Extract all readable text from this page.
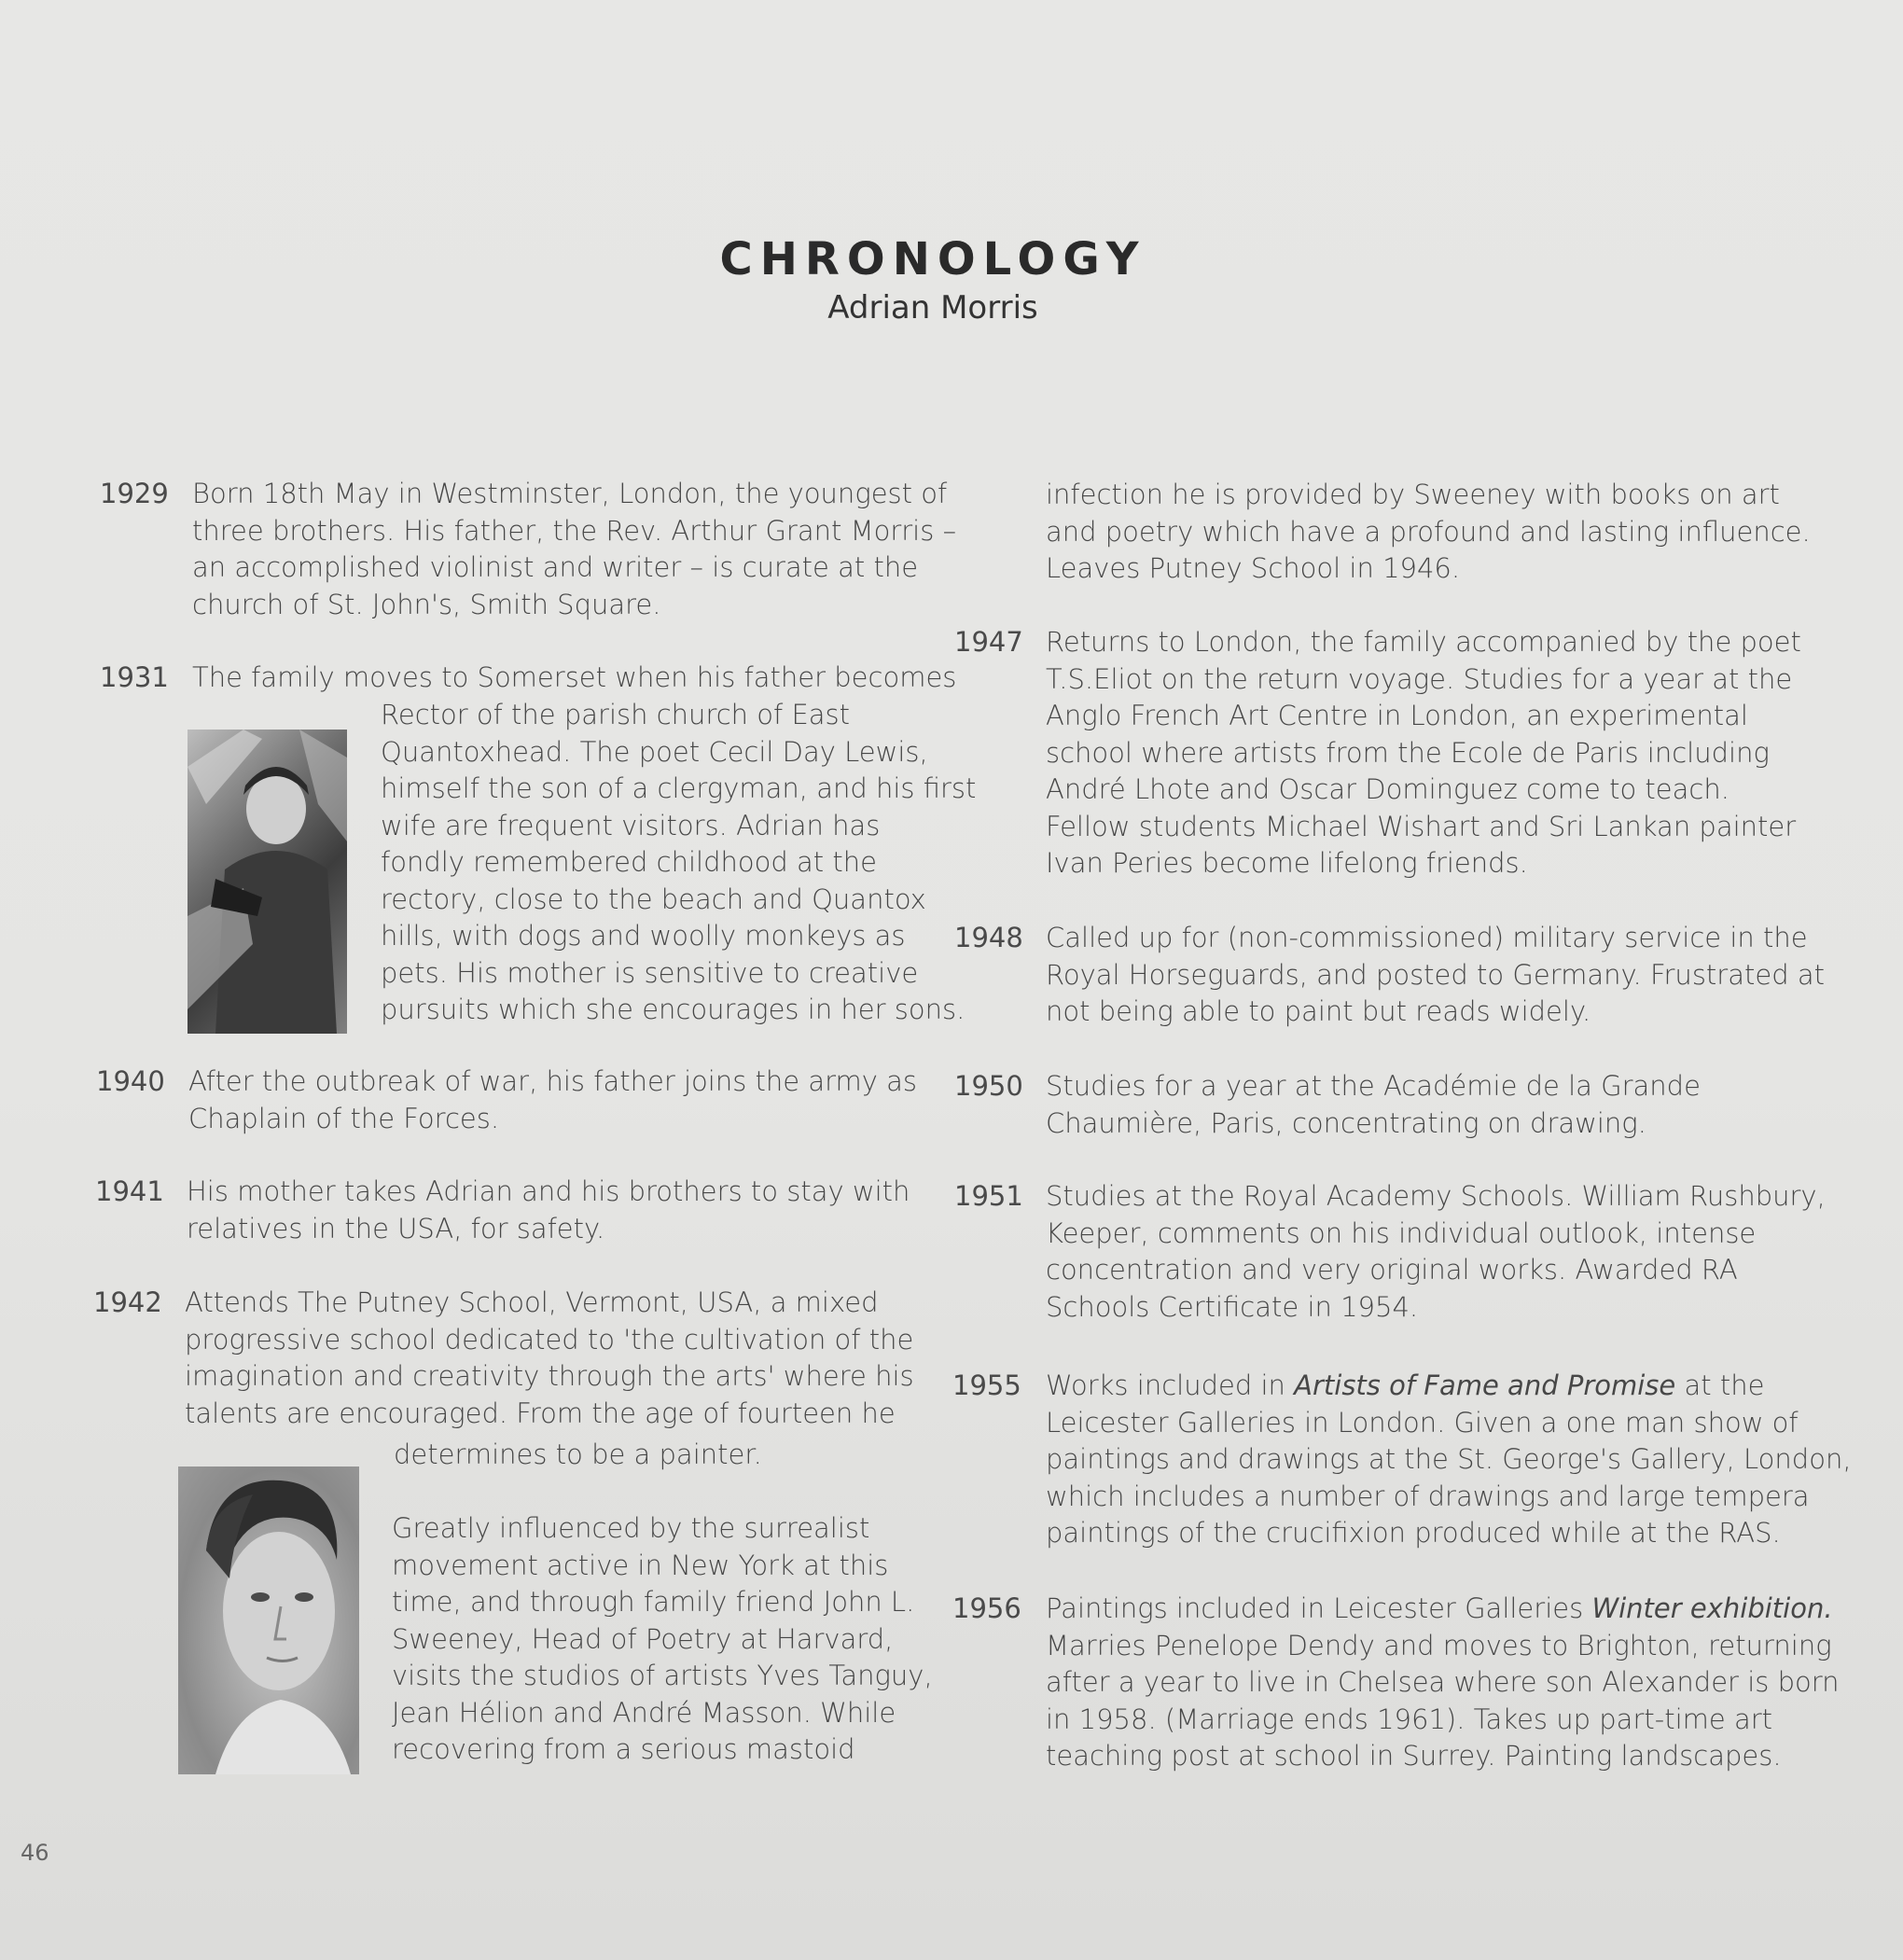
CHRONOLOGY
Adrian Morris
1929 Born 18th May in Westminster, London, the youngest of
three brothers. His father, the Rev. Arthur Grant Morris –
an accomplished violinist and writer – is curate at the
church of St. John's, Smith Square.
1931 The family moves to Somerset when his father becomes
Rector of the parish church of East
Quantoxhead. The poet Cecil Day Lewis,
himself the son of a clergyman, and his first
wife are frequent visitors. Adrian has
fondly remembered childhood at the
rectory, close to the beach and Quantox
hills, with dogs and woolly monkeys as
pets. His mother is sensitive to creative
pursuits which she encourages in her sons.
1940 After the outbreak of war, his father joins the army as
Chaplain of the Forces.
1941 His mother takes Adrian and his brothers to stay with
relatives in the USA, for safety.
1942 Attends The Putney School, Vermont, USA, a mixed
progressive school dedicated to 'the cultivation of the
imagination and creativity through the arts' where his
talents are encouraged. From the age of fourteen he
determines to be a painter.
Greatly influenced by the surrealist
movement active in New York at this
time, and through family friend John L.
Sweeney, Head of Poetry at Harvard,
visits the studios of artists Yves Tanguy,
Jean Hélion and André Masson. While
recovering from a serious mastoid
infection he is provided by Sweeney with books on art
and poetry which have a profound and lasting influence.
Leaves Putney School in 1946.
1947 Returns to London, the family accompanied by the poet
T.S.Eliot on the return voyage. Studies for a year at the
Anglo French Art Centre in London, an experimental
school where artists from the Ecole de Paris including
André Lhote and Oscar Dominguez come to teach.
Fellow students Michael Wishart and Sri Lankan painter
Ivan Peries become lifelong friends.
1948 Called up for (non-commissioned) military service in the
Royal Horseguards, and posted to Germany. Frustrated at
not being able to paint but reads widely.
1950 Studies for a year at the Académie de la Grande
Chaumière, Paris, concentrating on drawing.
1951 Studies at the Royal Academy Schools. William Rushbury,
Keeper, comments on his individual outlook, intense
concentration and very original works. Awarded RA
Schools Certificate in 1954.
1955 Works included in Artists of Fame and Promise at the
Leicester Galleries in London. Given a one man show of
paintings and drawings at the St. George's Gallery, London,
which includes a number of drawings and large tempera
paintings of the crucifixion produced while at the RAS.
1956 Paintings included in Leicester Galleries Winter exhibition.
Marries Penelope Dendy and moves to Brighton, returning
after a year to live in Chelsea where son Alexander is born
in 1958. (Marriage ends 1961). Takes up part-time art
teaching post at school in Surrey. Painting landscapes.
46
